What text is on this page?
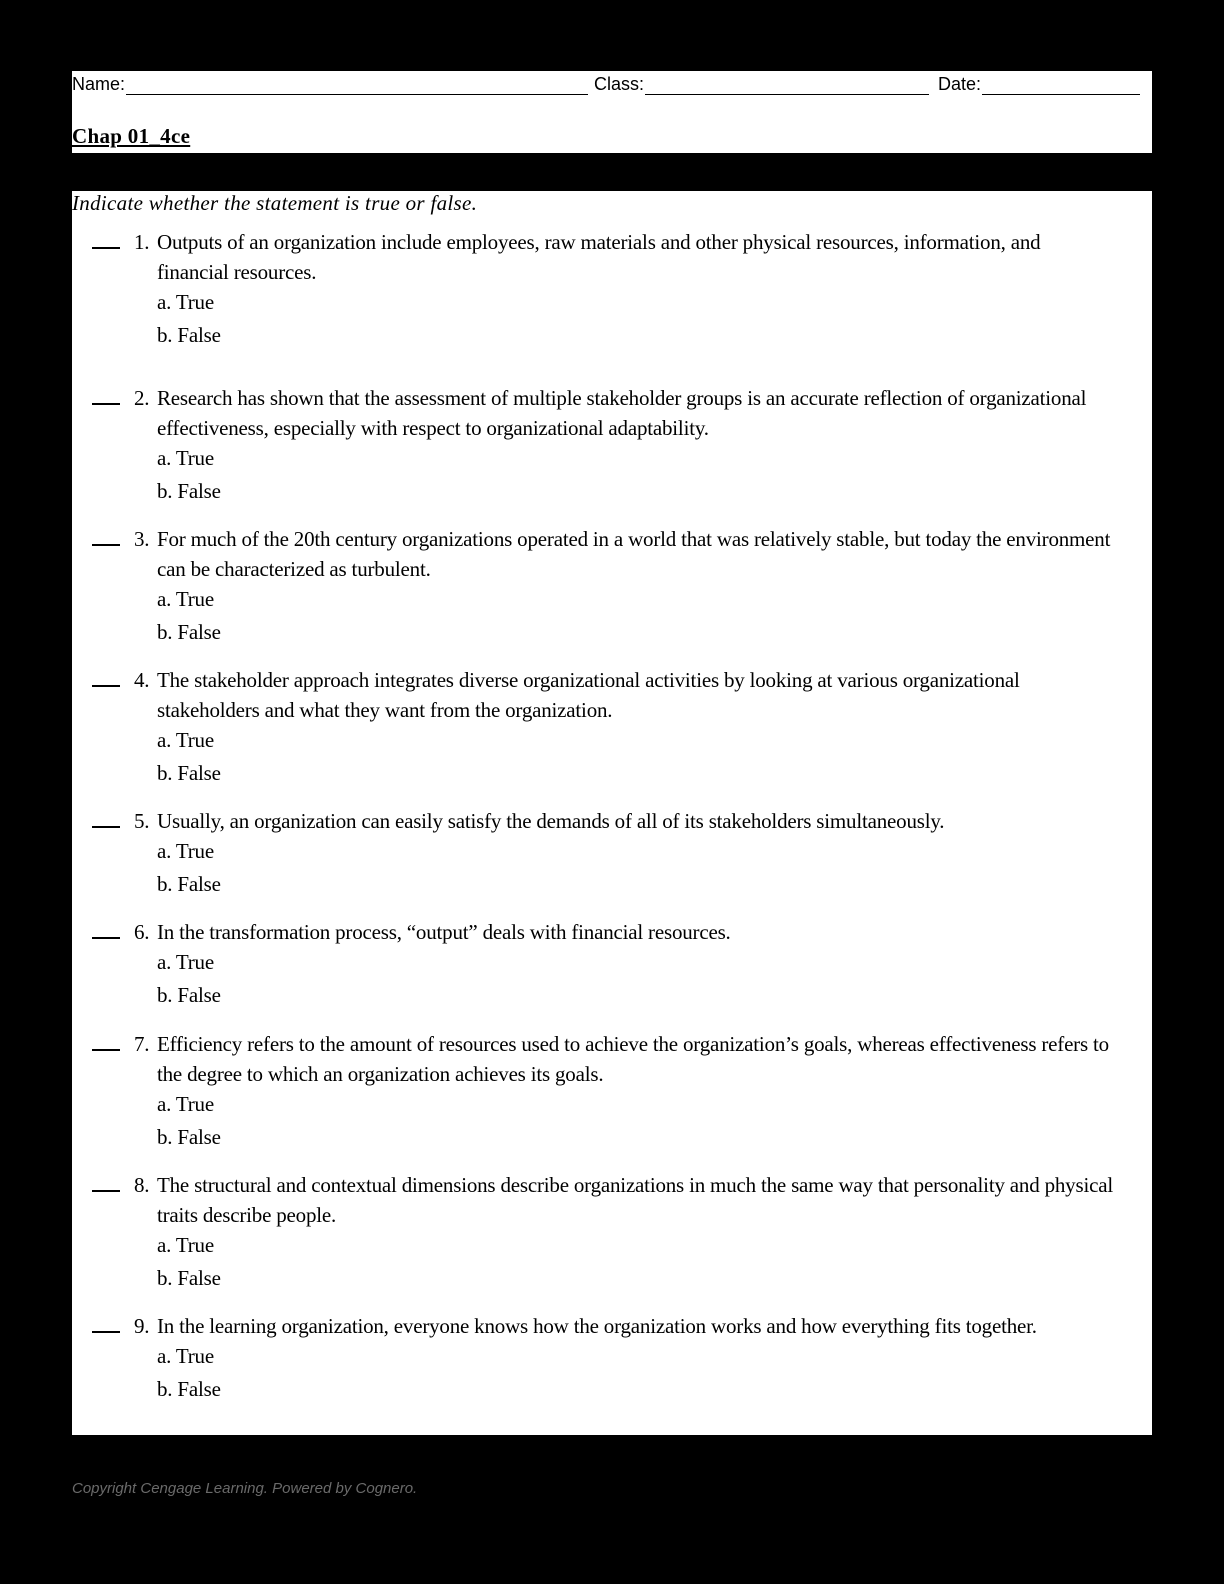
Name:	Class:	Date:
Chap 01_4ce
Indicate whether the statement is true or false.
1. Outputs of an organization include employees, raw materials and other physical resources, information, and financial resources.
a. True
b. False
2. Research has shown that the assessment of multiple stakeholder groups is an accurate reflection of organizational effectiveness, especially with respect to organizational adaptability.
a. True
b. False
3. For much of the 20th century organizations operated in a world that was relatively stable, but today the environment can be characterized as turbulent.
a. True
b. False
4. The stakeholder approach integrates diverse organizational activities by looking at various organizational stakeholders and what they want from the organization.
a. True
b. False
5. Usually, an organization can easily satisfy the demands of all of its stakeholders simultaneously.
a. True
b. False
6. In the transformation process, “output” deals with financial resources.
a. True
b. False
7. Efficiency refers to the amount of resources used to achieve the organization’s goals, whereas effectiveness refers to the degree to which an organization achieves its goals.
a. True
b. False
8. The structural and contextual dimensions describe organizations in much the same way that personality and physical traits describe people.
a. True
b. False
9. In the learning organization, everyone knows how the organization works and how everything fits together.
a. True
b. False
Copyright Cengage Learning. Powered by Cognero.
